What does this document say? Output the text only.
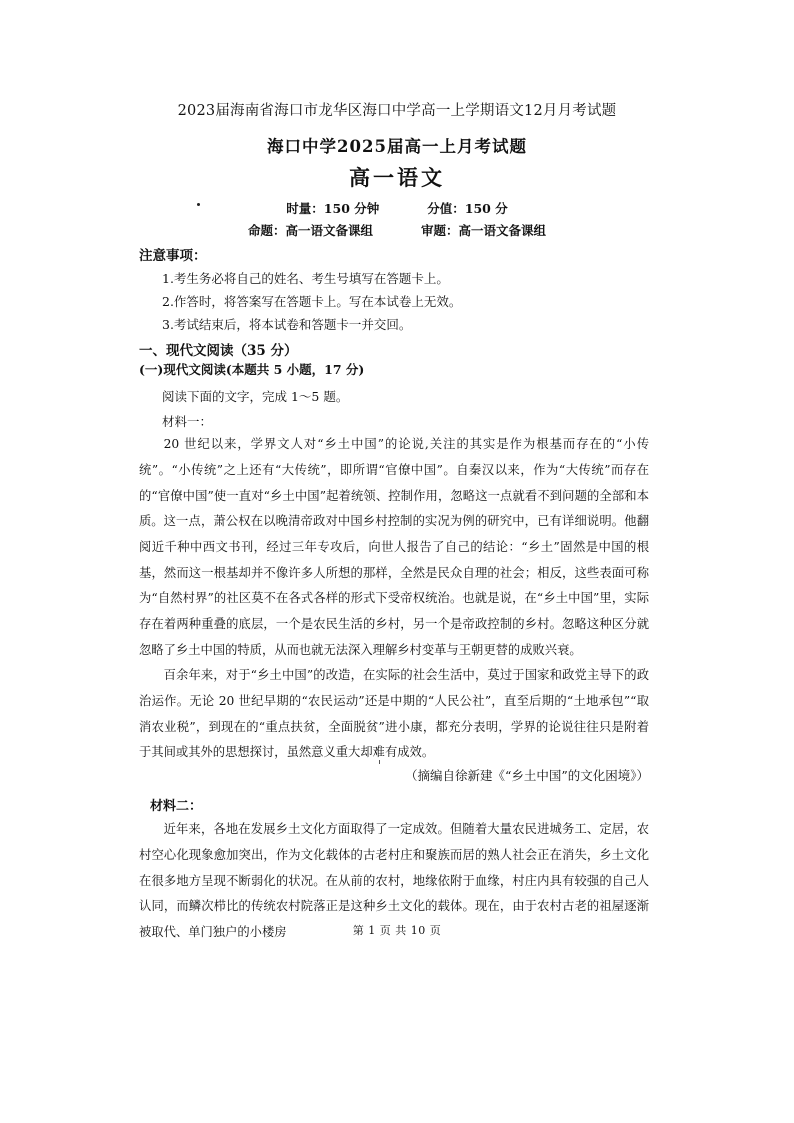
2023届海南省海口市龙华区海口中学高一上学期语文12月月考试题
海口中学2025届高一上月考试题
高一语文
时量：150 分钟	分值：150 分
命题：高一语文备课组	审题：高一语文备课组
注意事项：
1.考生务必将自己的姓名、考生号填写在答题卡上。
2.作答时，将答案写在答题卡上。写在本试卷上无效。
3.考试结束后，将本试卷和答题卡一并交回。
一、现代文阅读（35 分）
(一)现代文阅读(本题共 5 小题，17 分)
阅读下面的文字，完成 1～5 题。
材料一：
20 世纪以来，学界文人对“乡土中国”的论说,关注的其实是作为根基而存在的“小传统”。“小传统”之上还有“大传统”，即所谓“官僚中国”。自秦汉以来，作为“大传统”而存在的“官僚中国”使一直对“乡土中国”起着统领、控制作用，忽略这一点就看不到问题的全部和本质。 这一点，萧公权在以晚清帝政对中国乡村控制的实况为例的研究中，已有详细说明。他翻阅近千种中西文书刊，经过三年专攻后，向世人报告了自己的结论：“乡土”固然是中国的根基，然而这一根基却并不像许多人所想的那样，全然是民众自理的社会；相反，这些表面可称为“自然村界”的社区莫不在各式各样的形式下受帝权统治。也就是说，在“乡土中国”里，实际存在着两种重叠的底层，一个是农民生活的乡村，另一个是帝政控制的乡村。忽略这种区分就忽略了乡土中国的特质，从而也就无法深入理解乡村变革与王朝更替的成败兴衰。
百余年来，对于“乡土中国”的改造，在实际的社会生活中，莫过于国家和政党主导下的政治运作。无论 20 世纪早期的“农民运动”还是中期的“人民公社”，直至后期的“土地承包”“取消农业税”，到现在的“重点扶贫，全面脱贫”进小康，都充分表明，学界的论说往往只是附着于其间或其外的思想探讨，虽然意义重大却难有成效。
（摘编自徐新建《“乡土中国”的文化困境》）
材料二：
近年来，各地在发展乡土文化方面取得了一定成效。但随着大量农民进城务工、定居，农村空心化现象愈加突出，作为文化载体的古老村庄和聚族而居的熟人社会正在消失，乡土文化在很多地方呈现不断弱化的状况。在从前的农村，地缘依附于血缘，村庄内具有较强的自己人认同，而鳞次栉比的传统农村院落正是这种乡土文化的载体。现在，由于农村古老的祖屋逐渐被取代、单门独户的小楼房	第 1 页 共 10 页
